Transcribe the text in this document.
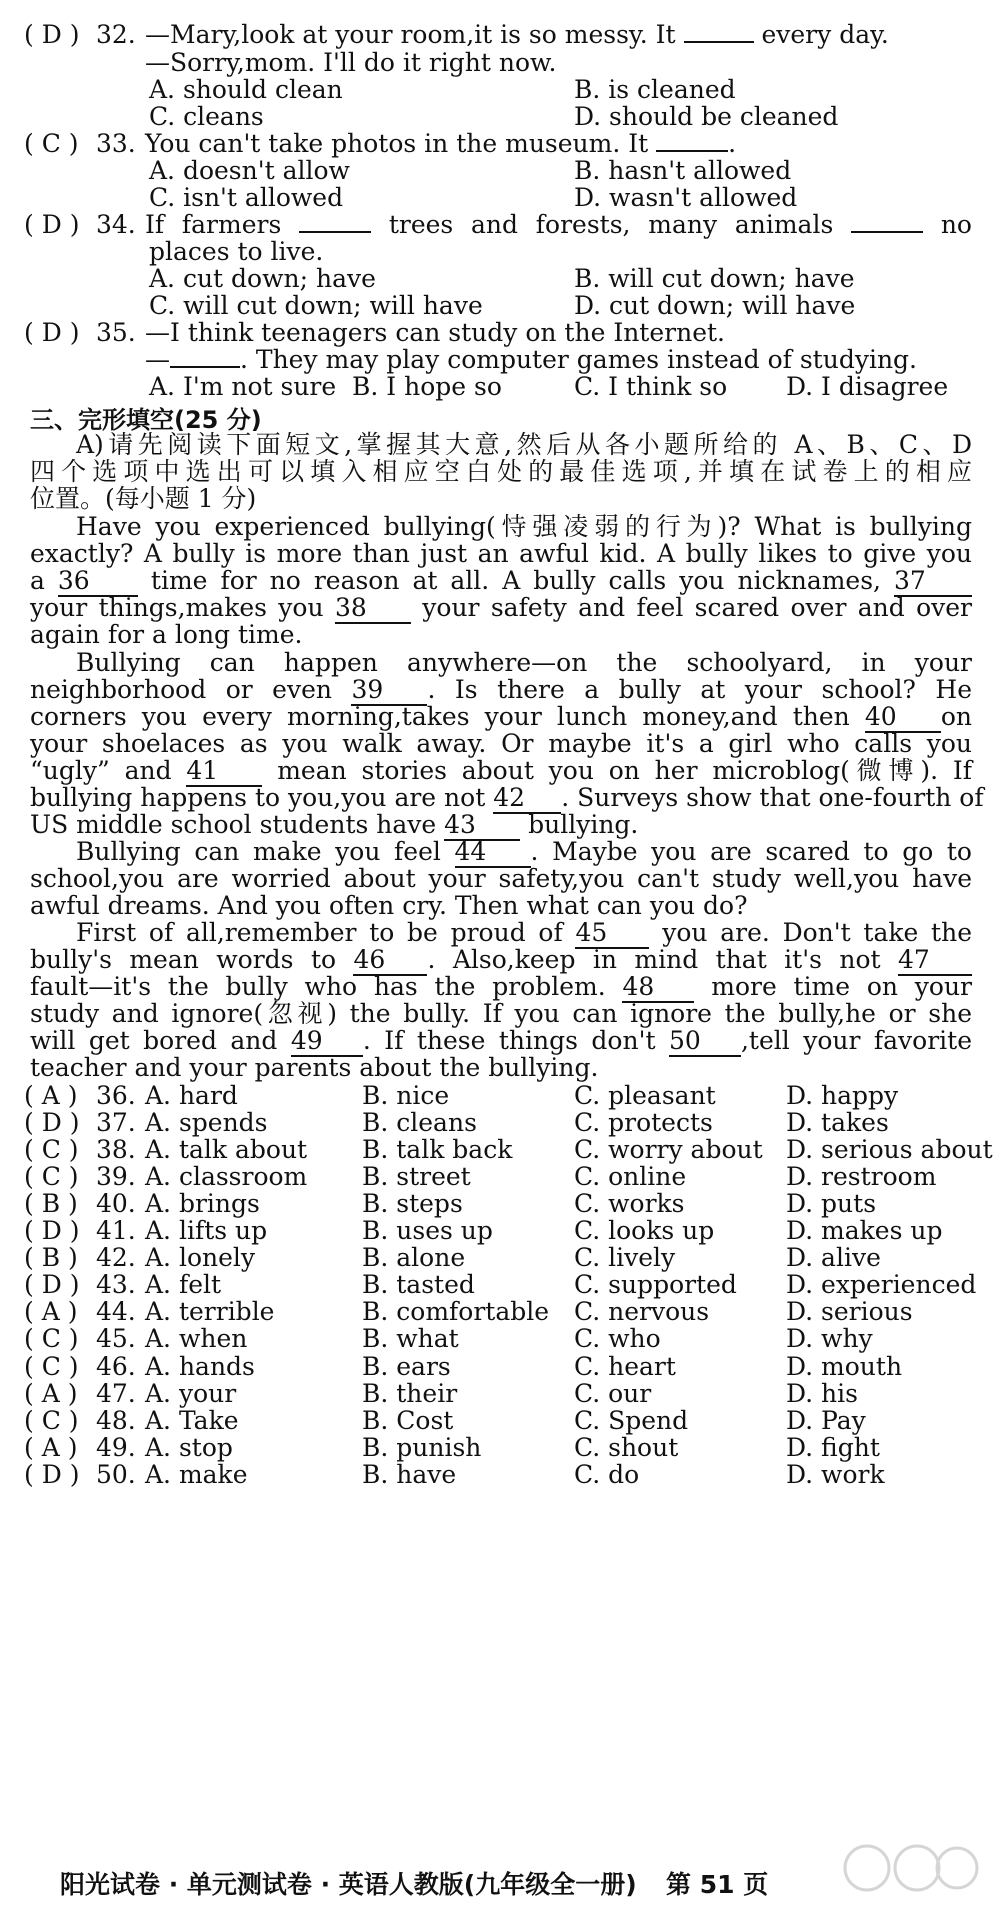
( D ) 32. —Mary,look at your room,it is so messy. It	every day.
—Sorry,mom. I'll do it right now.
A. should clean	B. is cleaned
C. cleans	D. should be cleaned
( C ) 33. You can't take photos in the museum. It	.
A. doesn't allow	B. hasn't allowed
C. isn't allowed	D. wasn't allowed
( D ) 34. If farmers	trees and forests, many animals	no
places to live.
A. cut down; have	B. will cut down; have
C. will cut down; will have	D. cut down; will have
( D ) 35. —I think teenagers can study on the Internet.
—	. They may play computer games instead of studying.
A. I'm not sure B. I hope so	C. I think so D. I disagree
三、完形填空(25 分)
A)请先阅读下面短文,掌握其大意,然后从各小题所给的 A、B、C、D
四个选项中选出可以填入相应空白处的最佳选项,并填在试卷上的相应
位置。(每小题 1 分)
Have you experienced bullying(恃强凌弱的行为)? What is bullying
exactly? A bully is more than just an awful kid. A bully likes to give you
a 36 time for no reason at all. A bully calls you nicknames, 37
your things,makes you 38 your safety and feel scared over and over
again for a long time.
Bullying  can  happen  anywhere—on  the  schoolyard,  in  your
neighborhood or even 39 . Is there a bully at your school? He
corners you every morning,takes your lunch money,and then 40 on
your shoelaces as you walk away. Or maybe it's a girl who calls you
“ugly” and 41 mean stories about you on her microblog(微博). If
bullying happens to you,you are not 42 . Surveys show that one-fourth of
US middle school students have 43 bullying.
Bullying can make you feel 44 . Maybe you are scared to go to
school,you are worried about your safety,you can't study well,you have
awful dreams. And you often cry. Then what can you do?
First of all,remember to be proud of 45 you are. Don't take the
bully's mean words to 46 . Also,keep in mind that it's not 47
fault—it's the bully who has the problem. 48 more time on your
study and ignore(忽视) the bully. If you can ignore the bully,he or she
will get bored and 49 . If these things don't 50 ,tell your favorite
teacher and your parents about the bullying.
( A ) 36. A. hard	B. nice	C. pleasant	D. happy
( D ) 37. A. spends	B. cleans	C. protects	D. takes
( C ) 38. A. talk about B. talk back C. worry about D. serious about
( C ) 39. A. classroom B. street	C. online	D. restroom
( B ) 40. A. brings	B. steps	C. works	D. puts
( D ) 41. A. lifts up	B. uses up	C. looks up	D. makes up
( B ) 42. A. lonely	B. alone	C. lively	D. alive
( D ) 43. A. felt	B. tasted	C. supported D. experienced
( A ) 44. A. terrible	B. comfortable C. nervous	D. serious
( C ) 45. A. when	B. what	C. who	D. why
( C ) 46. A. hands	B. ears	C. heart	D. mouth
( A ) 47. A. your	B. their	C. our	D. his
( C ) 48. A. Take	B. Cost	C. Spend	D. Pay
( A ) 49. A. stop	B. punish	C. shout	D. fight
( D ) 50. A. make	B. have	C. do	D. work
阳光试卷 · 单元测试卷 · 英语人教版(九年级全一册) 第 51 页
